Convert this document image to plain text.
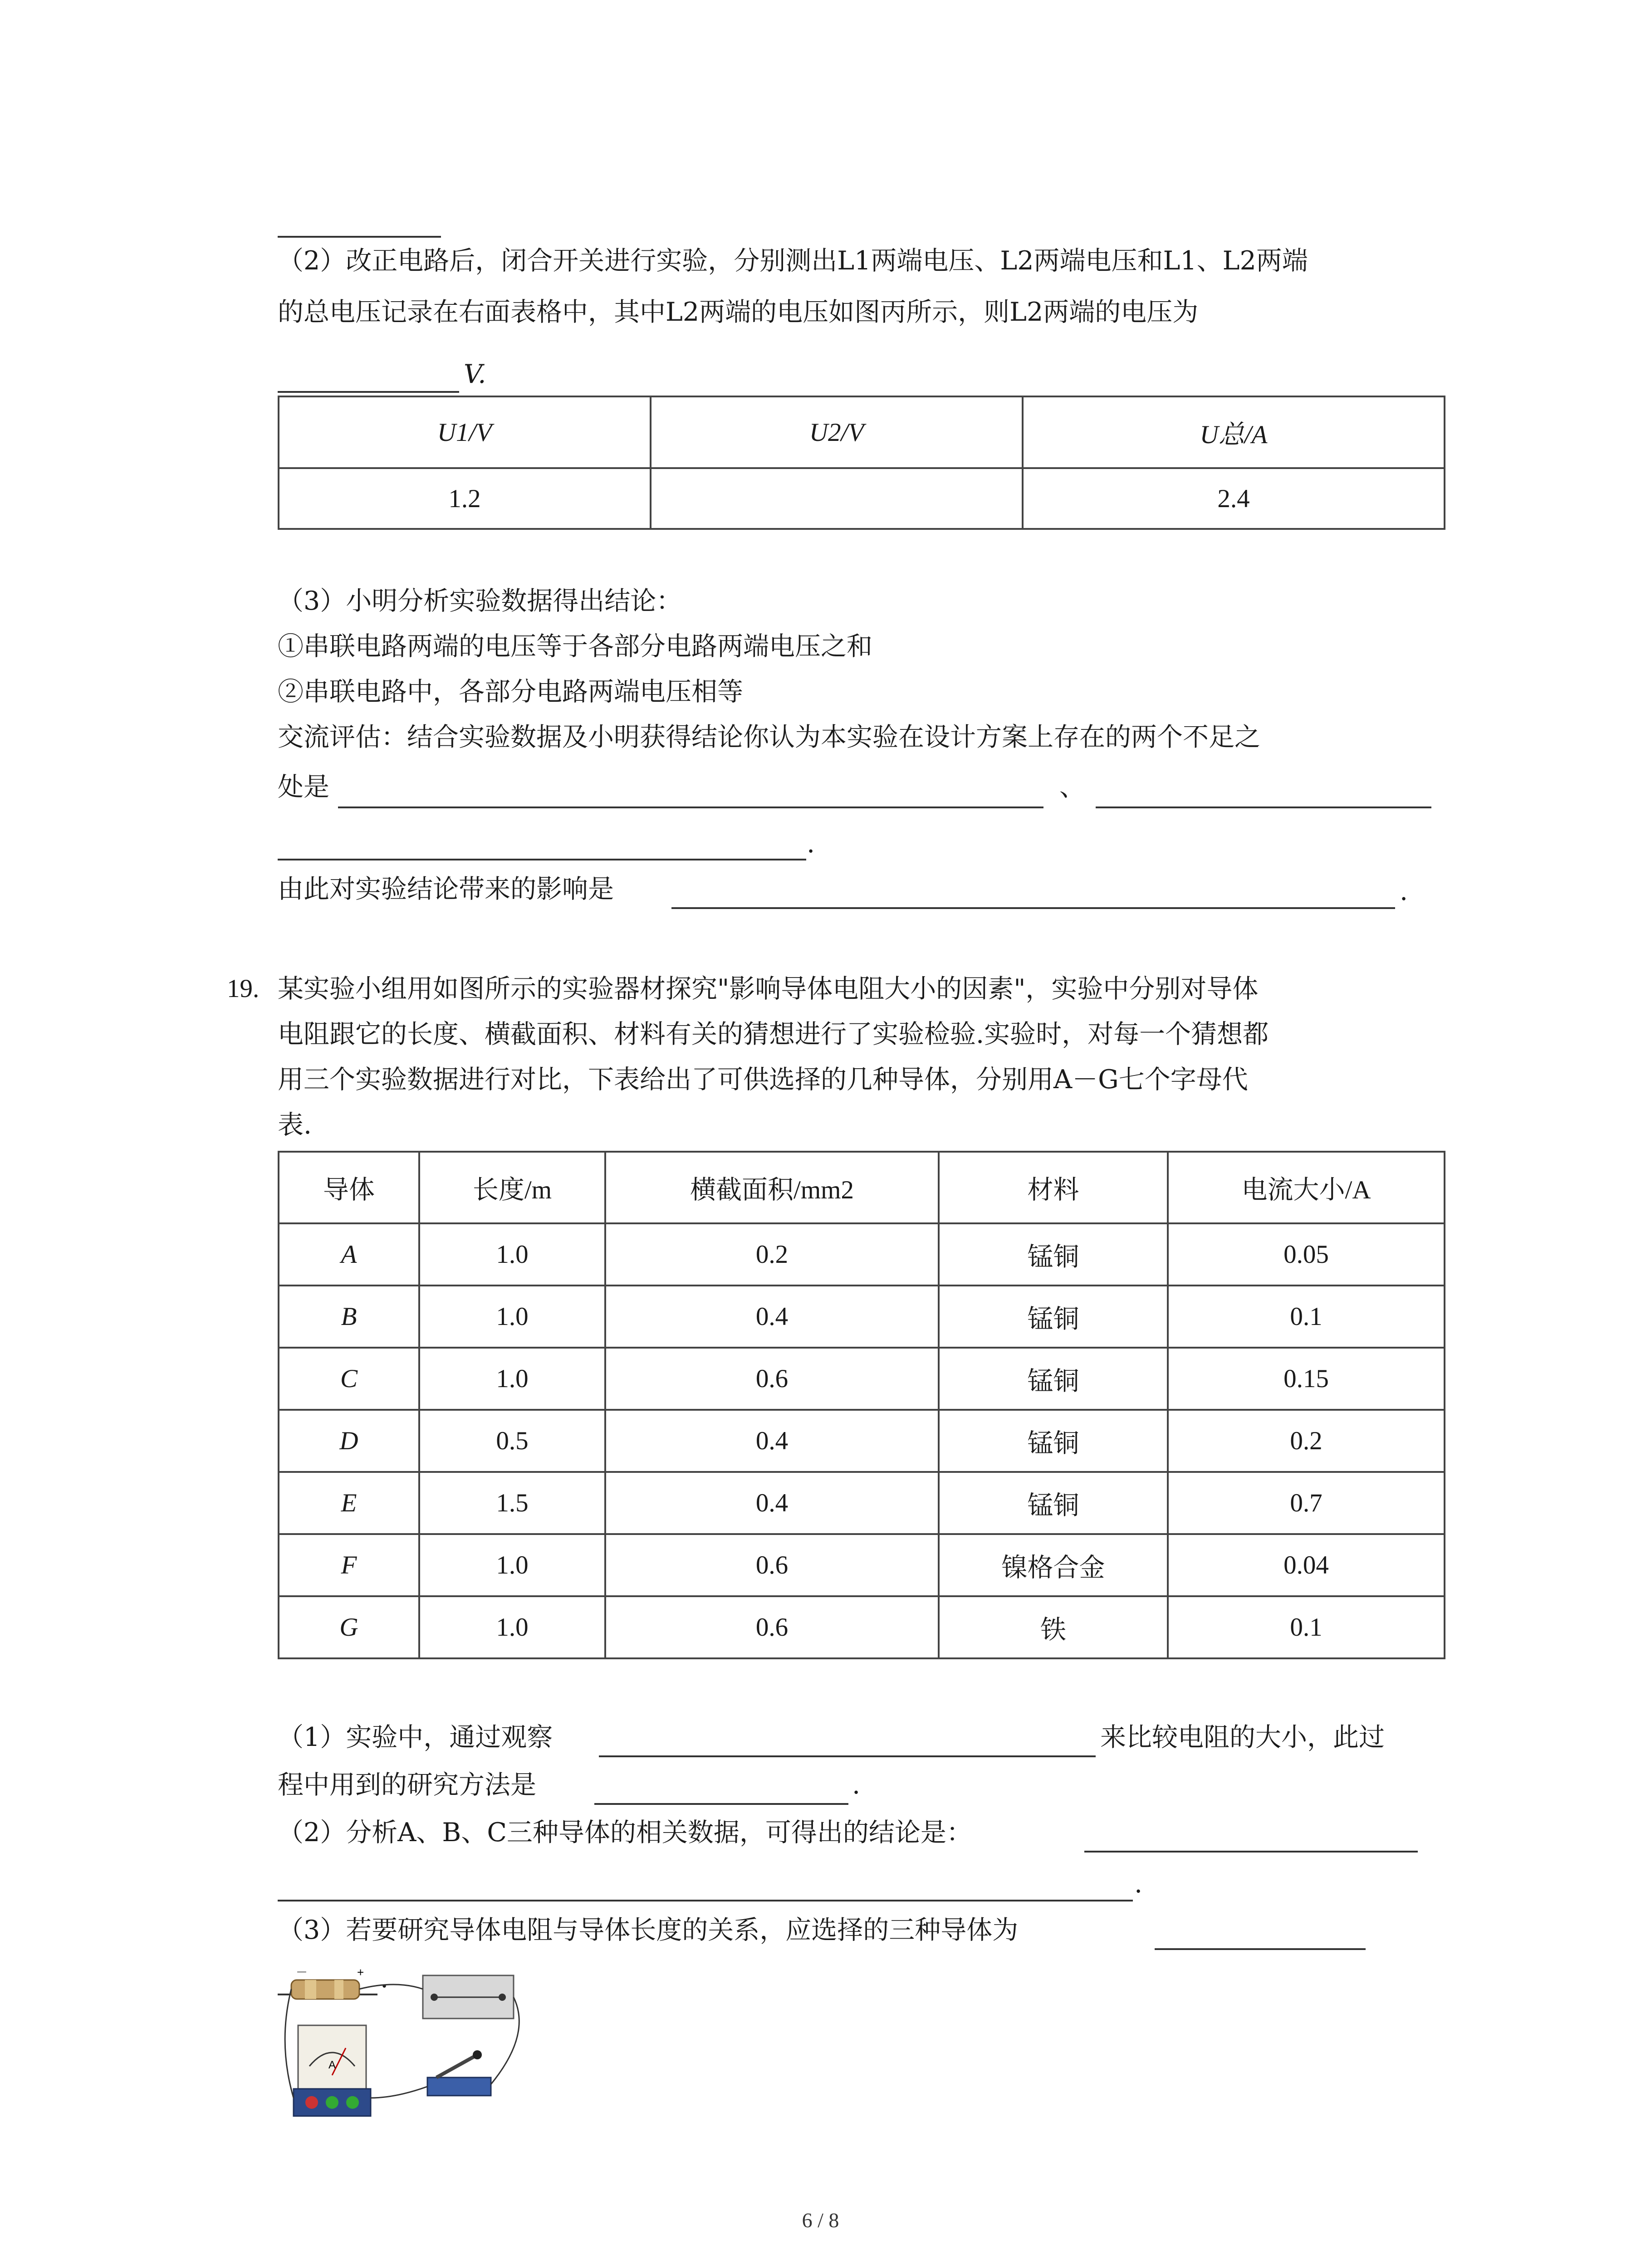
（2）改正电路后，闭合开关进行实验，分别测出L1两端电压、L2两端电压和L1、L2两端
的总电压记录在右面表格中，其中L2两端的电压如图丙所示，则L2两端的电压为
V.
U1/V	U2/V	U总/A
1.2		2.4
（3）小明分析实验数据得出结论：
①串联电路两端的电压等于各部分电路两端电压之和
②串联电路中，各部分电路两端电压相等
交流评估：结合实验数据及小明获得结论你认为本实验在设计方案上存在的两个不足之
处是	、
.
由此对实验结论带来的影响是	.
19. 某实验小组用如图所示的实验器材探究"影响导体电阻大小的因素"，实验中分别对导体
电阻跟它的长度、横截面积、材料有关的猜想进行了实验检验.实验时，对每一个猜想都
用三个实验数据进行对比，下表给出了可供选择的几种导体，分别用A－G七个字母代
表.
导体	长度/m	横截面积/mm2	材料	电流大小/A
A	1.0	0.2	锰铜	0.05
B	1.0	0.4	锰铜	0.1
C	1.0	0.6	锰铜	0.15
D	0.5	0.4	锰铜	0.2
E	1.5	0.4	锰铜	0.7
F	1.0	0.6	镍格合金	0.04
G	1.0	0.6	铁	0.1
（1）实验中，通过观察	来比较电阻的大小，此过
程中用到的研究方法是	.
（2）分析A、B、C三种导体的相关数据，可得出的结论是：
.
（3）若要研究导体电阻与导体长度的关系，应选择的三种导体为
.
－	+
A
6 / 8
